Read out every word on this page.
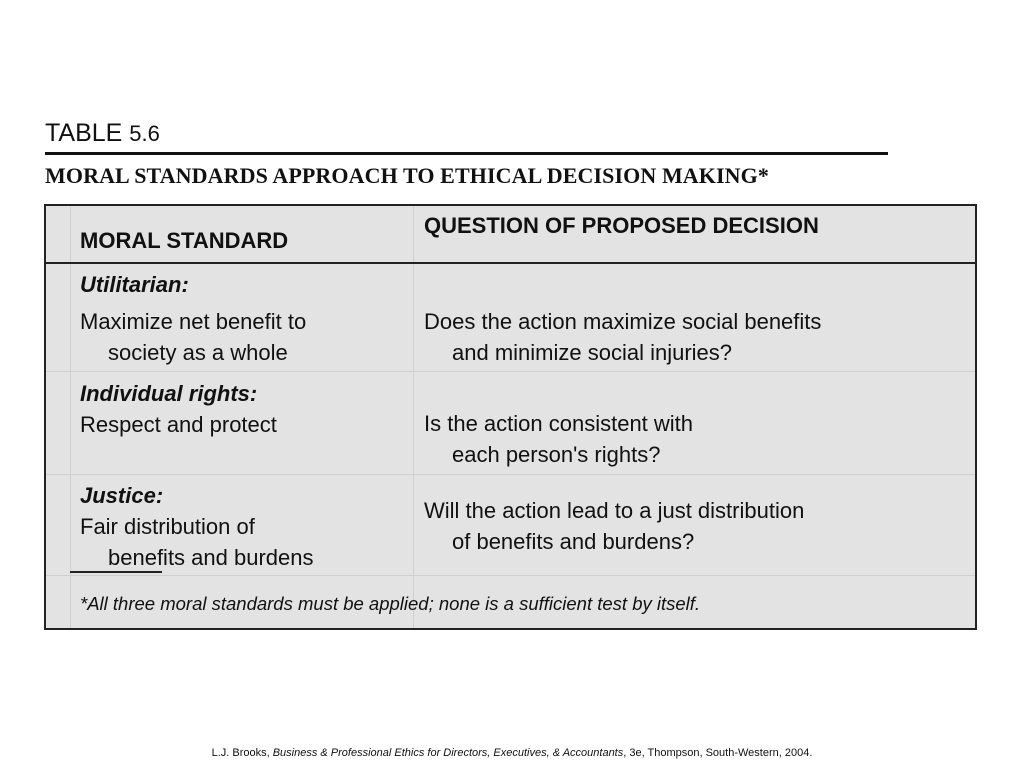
TABLE 5.6
MORAL STANDARDS APPROACH TO ETHICAL DECISION MAKING*
MORAL STANDARD
QUESTION OF PROPOSED DECISION
Utilitarian:
Maximize net benefit to
society as a whole
Does the action maximize social benefits
and minimize social injuries?
Individual rights:
Respect and protect	Is the action consistent with
each person's rights?
Justice:
Fair distribution of
benefits and burdens
Will the action lead to a just distribution
of benefits and burdens?
*All three moral standards must be applied; none is a sufficient test by itself.
L.J. Brooks, Business & Professional Ethics for Directors, Executives, & Accountants, 3e, Thompson, South-Western, 2004.
